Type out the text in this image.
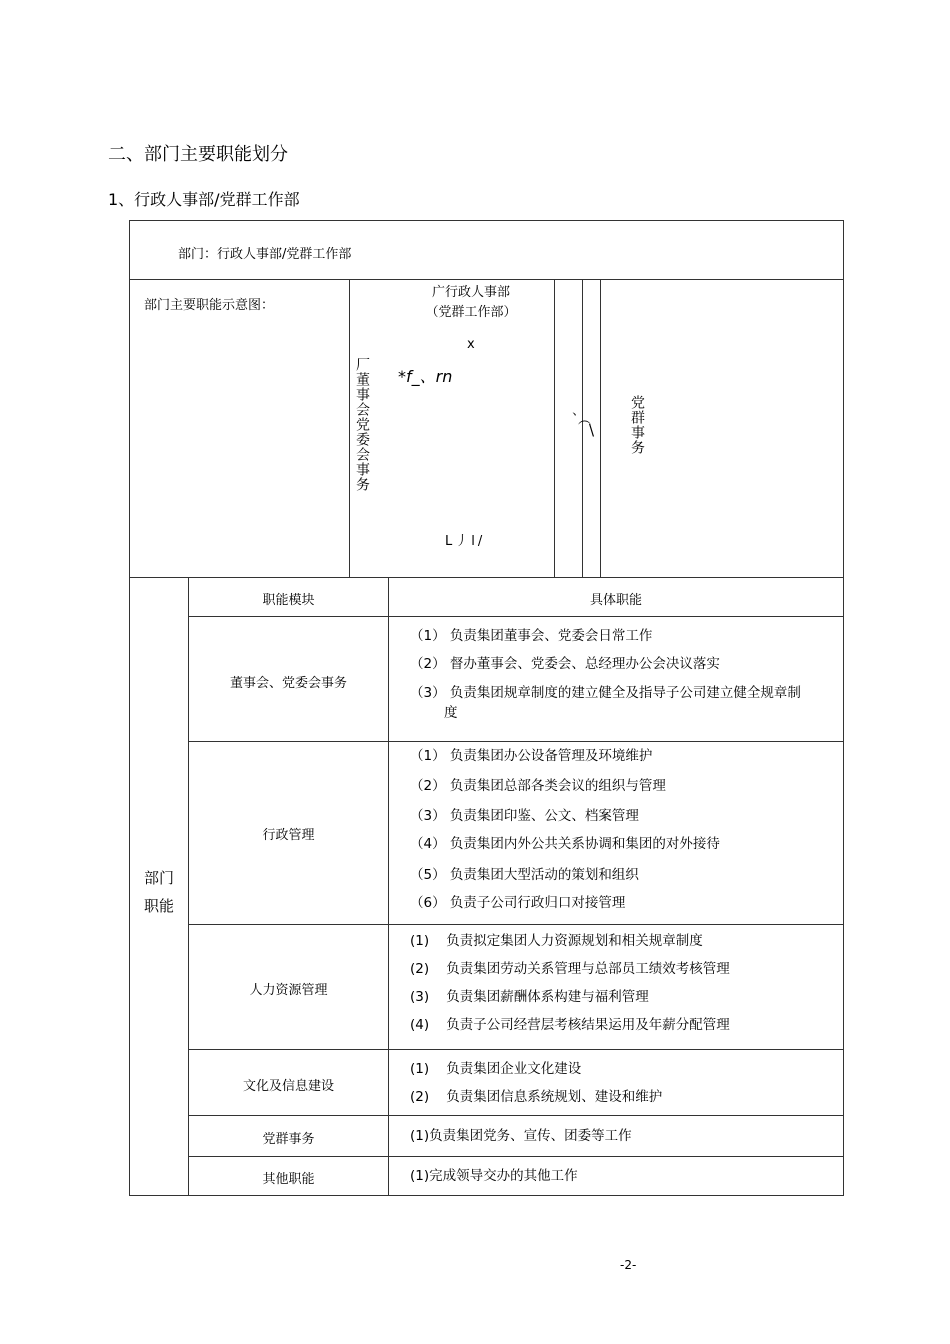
二、部门主要职能划分
1、行政人事部/党群工作部
部门：行政人事部/党群工作部
部门主要职能示意图：
广行政人事部
（党群工作部）
x
*f_、rn
厂董事会党委会事务
L丿l/
（ 、
\ 党群事务
部门
职能
职能模块	具体职能
董事会、党委会事务
行政管理
人力资源管理
文化及信息建设
党群事务
其他职能
（1） 负责集团董事会、党委会日常工作
（2） 督办董事会、党委会、总经理办公会决议落实
（3） 负责集团规章制度的建立健全及指导子公司建立健全规章制
度
（1） 负责集团办公设备管理及环境维护
（2） 负责集团总部各类会议的组织与管理
（3） 负责集团印鉴、公文、档案管理
（4） 负责集团内外公共关系协调和集团的对外接待
（5） 负责集团大型活动的策划和组织
（6） 负责子公司行政归口对接管理
(1)    负责拟定集团人力资源规划和相关规章制度
(2)    负责集团劳动关系管理与总部员工绩效考核管理
(3)    负责集团薪酬体系构建与福利管理
(4)    负责子公司经营层考核结果运用及年薪分配管理
(1)    负责集团企业文化建设
(2)    负责集团信息系统规划、建设和维护
(1)负责集团党务、宣传、团委等工作
(1)完成领导交办的其他工作
-2-
